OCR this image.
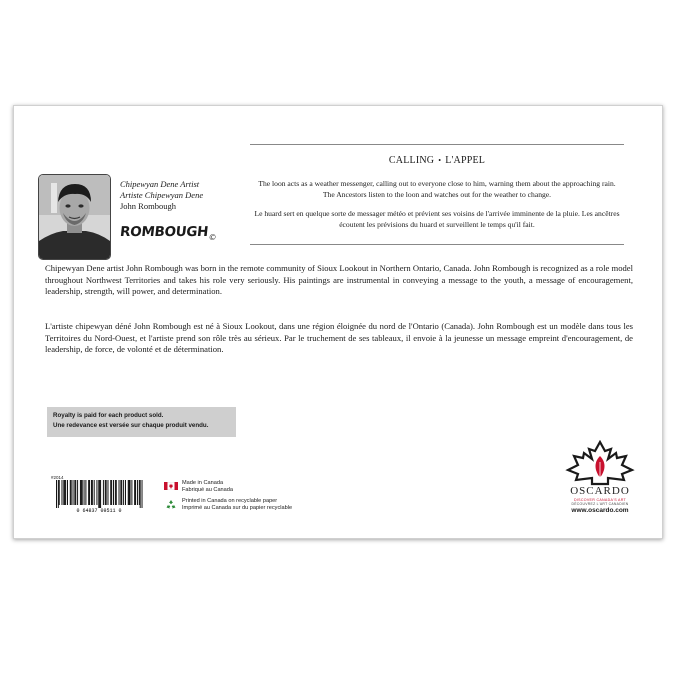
Chipewyan Dene Artist
Artiste Chipewyan Dene
John Rombough
$ROMBOUGH_©$
CALLING • L'APPEL
The loon acts as a weather messenger, calling out to everyone close to him, warning them about the approaching rain. The Ancestors listen to the loon and watches out for the weather to change.
Le huard sert en quelque sorte de messager météo et prévient ses voisins de l'arrivée imminente de la pluie. Les ancêtres écoutent les prévisions du huard et surveillent le temps qu'il fait.
Chipewyan Dene artist John Rombough was born in the remote community of Sioux Lookout in Northern Ontario, Canada. John Rombough is recognized as a role model throughout Northwest Territories and takes his role very seriously. His paintings are instrumental in conveying a message to the youth, a message of encouragement, leadership, strength, will power, and determination.
L'artiste chipewyan déné John Rombough est né à Sioux Lookout, dans une région éloignée du nord de l'Ontario (Canada). John Rombough est un modèle dans tous les Territoires du Nord-Ouest, et l'artiste prend son rôle très au sérieux. Par le truchement de ses tableaux, il envoie à la jeunesse un message empreint d'encouragement, de leadership, de force, de volonté et de détermination.
Royalty is paid for each product sold.
Une redevance est versée sur chaque produit vendu.
#2014
0 64837 09511 0
Made in Canada
Fabriqué au Canada
Printed in Canada on recyclable paper
Imprimé au Canada sur du papier recyclable
OSCARDO
DISCOVER CANADA'S ART
DÉCOUVREZ L'ART CANADIEN
www.oscardo.com
